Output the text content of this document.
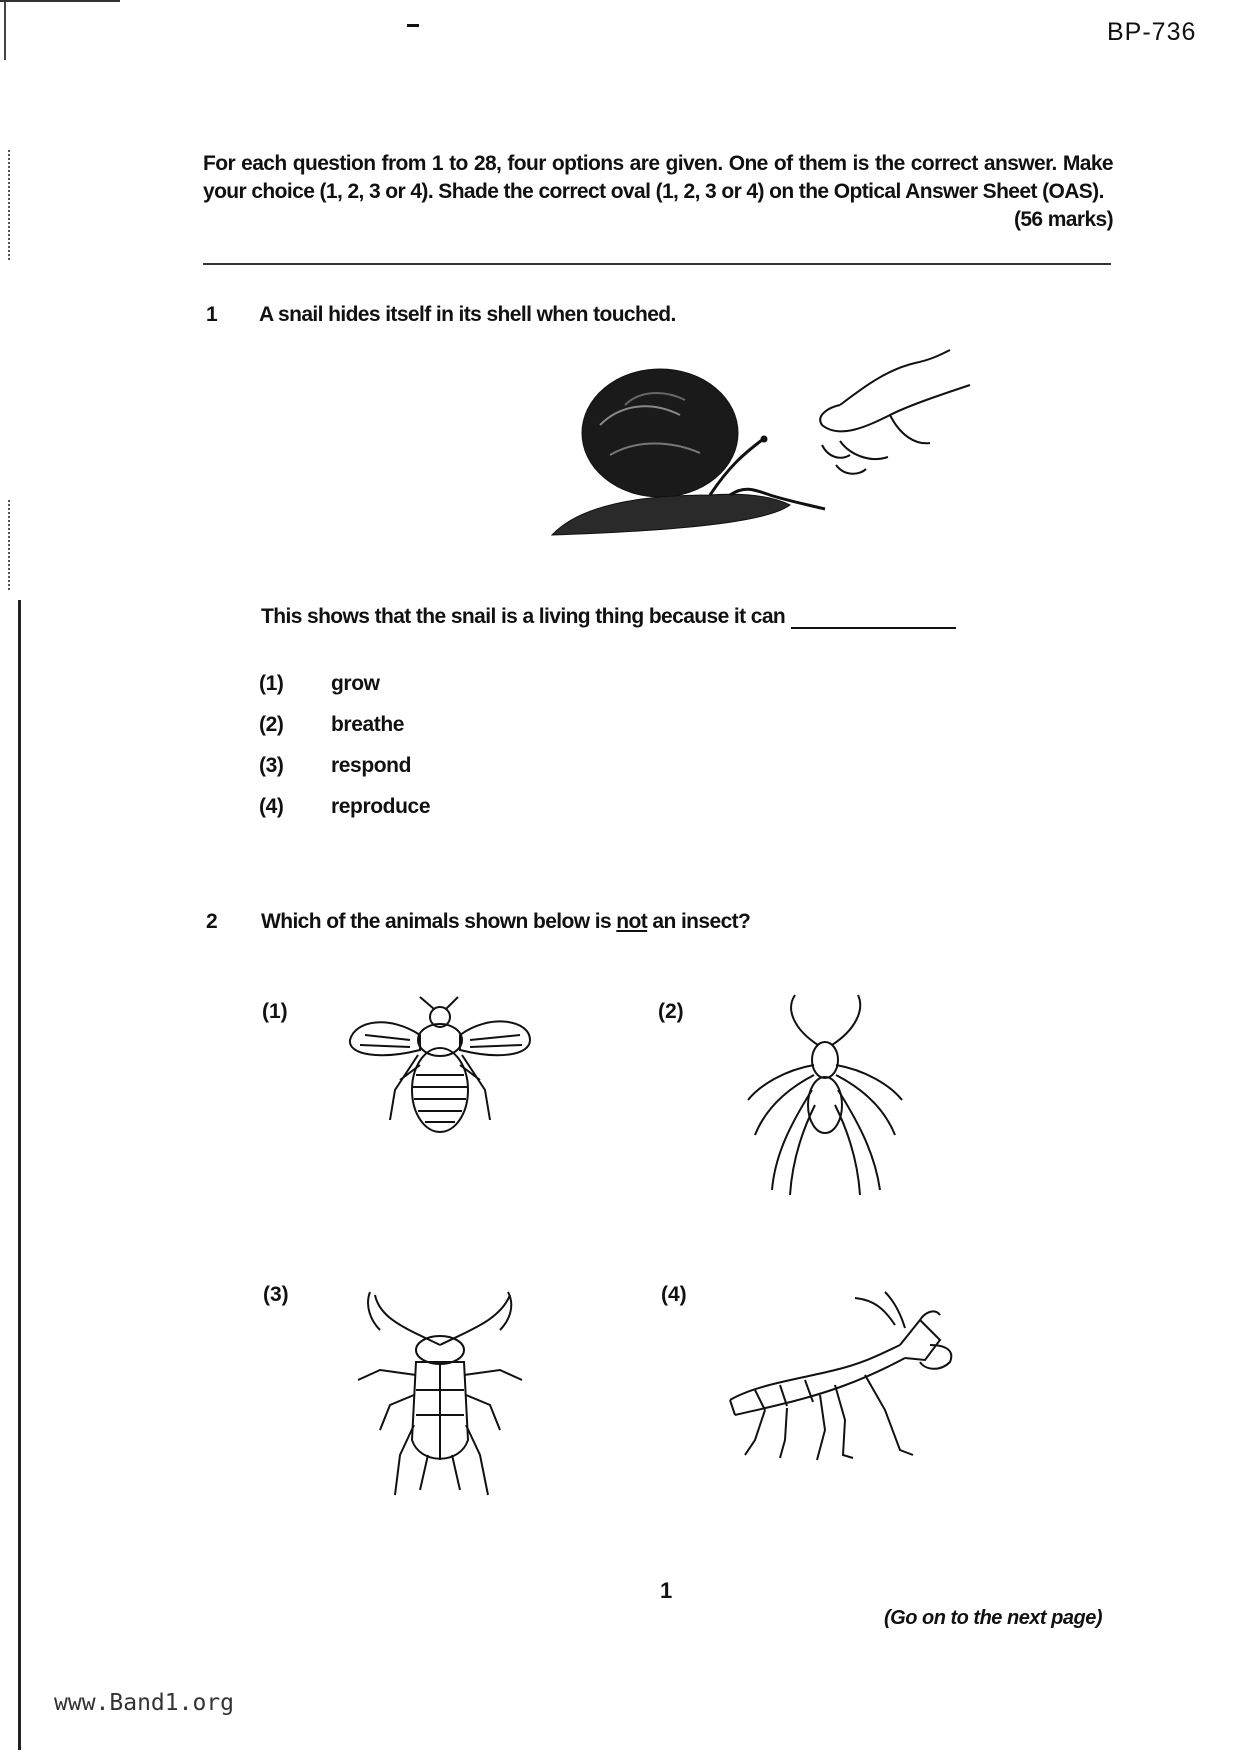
BP-736
For each question from 1 to 28, four options are given. One of them is the correct answer. Make your choice (1, 2, 3 or 4). Shade the correct oval (1, 2, 3 or 4) on the Optical Answer Sheet (OAS).
(56 marks)
1 A snail hides itself in its shell when touched.
This shows that the snail is a living thing because it can
(1) grow
(2) breathe
(3) respond
(4) reproduce
2 Which of the animals shown below is not an insect?
(1)	(2)
(3)	(4)
1
(Go on to the next page)
www.Band1.org
